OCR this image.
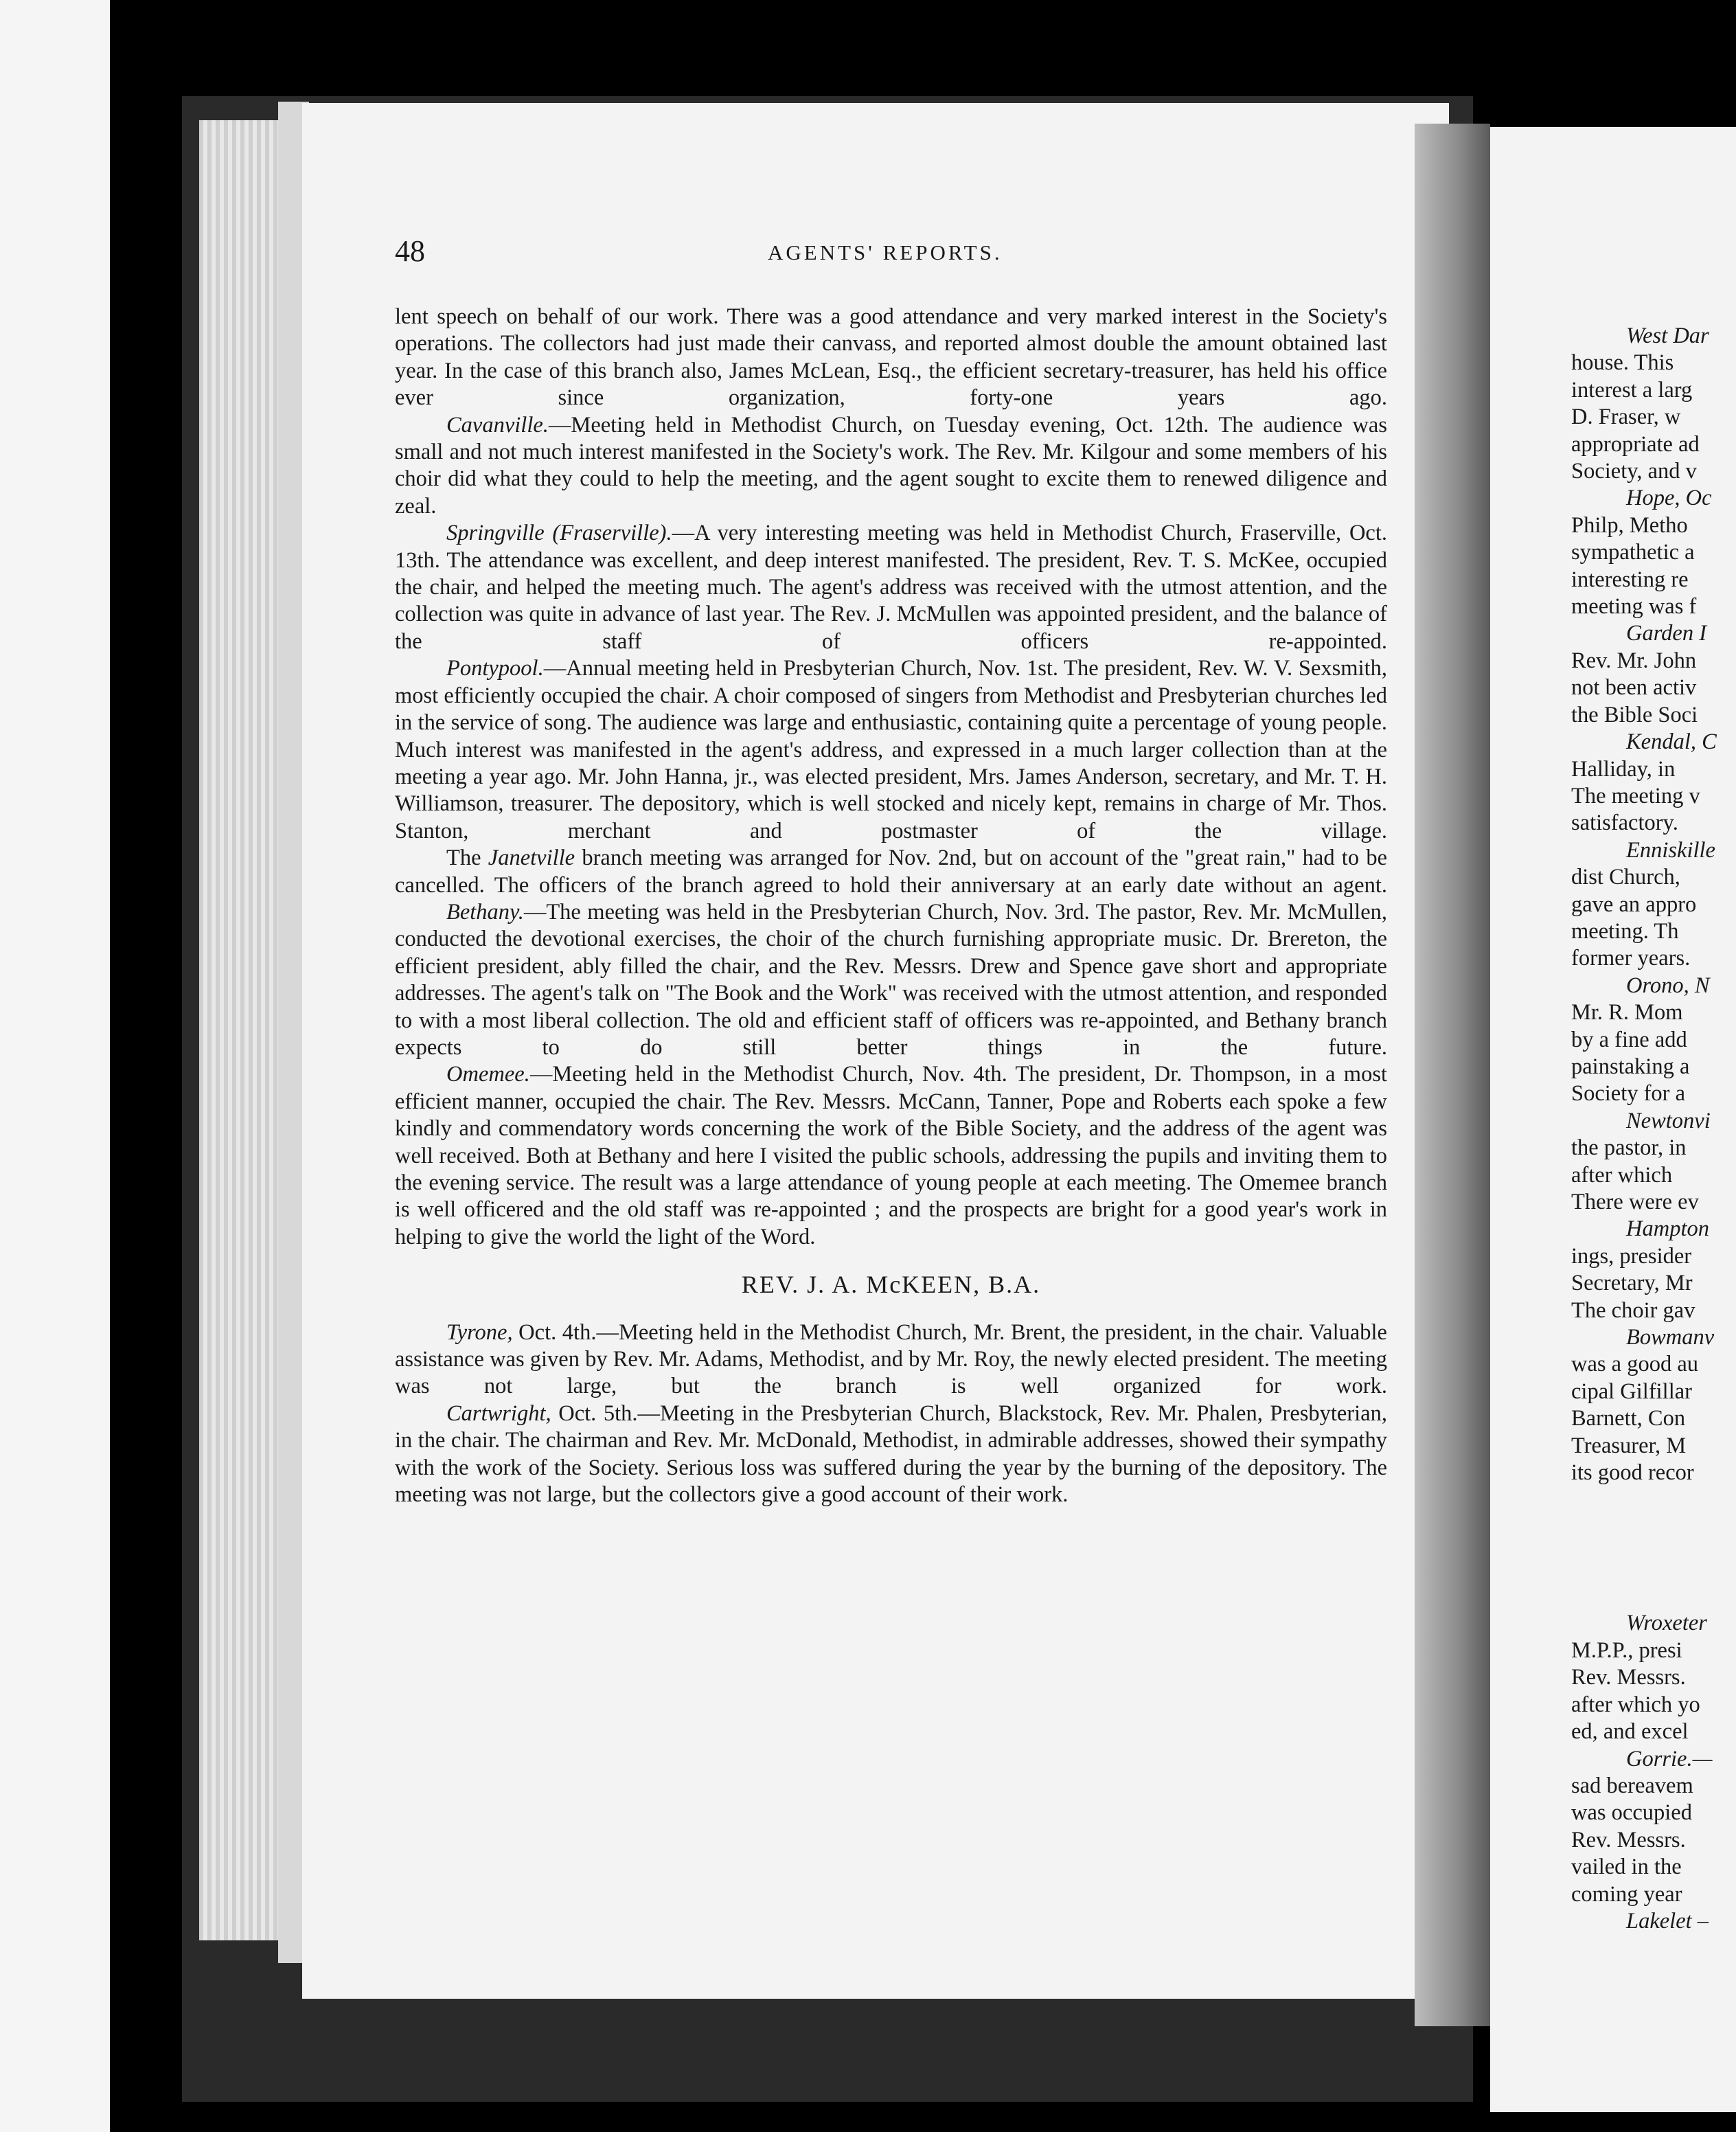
48	AGENTS' REPORTS.

lent speech on behalf of our work. There was a good attendance and very marked interest in the Society's operations. The collectors had just made their canvass, and reported almost double the amount obtained last year. In the case of this branch also, James McLean, Esq., the efficient secretary-treasurer, has held his office ever since organization, forty-one years ago.

Cavanville.—Meeting held in Methodist Church, on Tuesday evening, Oct. 12th. The audience was small and not much interest manifested in the Society's work. The Rev. Mr. Kilgour and some members of his choir did what they could to help the meeting, and the agent sought to excite them to renewed diligence and zeal.

Springville (Fraserville).—A very interesting meeting was held in Methodist Church, Fraserville, Oct. 13th. The attendance was excellent, and deep interest manifested. The president, Rev. T. S. McKee, occupied the chair, and helped the meeting much. The agent's address was received with the utmost attention, and the collection was quite in advance of last year. The Rev. J. McMullen was appointed president, and the balance of the staff of officers re-appointed.

Pontypool.—Annual meeting held in Presbyterian Church, Nov. 1st. The president, Rev. W. V. Sexsmith, most efficiently occupied the chair. A choir composed of singers from Methodist and Presbyterian churches led in the service of song. The audience was large and enthusiastic, containing quite a percentage of young people. Much interest was manifested in the agent's address, and expressed in a much larger collection than at the meeting a year ago. Mr. John Hanna, jr., was elected president, Mrs. James Anderson, secretary, and Mr. T. H. Williamson, treasurer. The depository, which is well stocked and nicely kept, remains in charge of Mr. Thos. Stanton, merchant and postmaster of the village.

The Janetville branch meeting was arranged for Nov. 2nd, but on account of the "great rain," had to be cancelled. The officers of the branch agreed to hold their anniversary at an early date without an agent.

Bethany.—The meeting was held in the Presbyterian Church, Nov. 3rd. The pastor, Rev. Mr. McMullen, conducted the devotional exercises, the choir of the church furnishing appropriate music. Dr. Brereton, the efficient president, ably filled the chair, and the Rev. Messrs. Drew and Spence gave short and appropriate addresses. The agent's talk on "The Book and the Work" was received with the utmost attention, and responded to with a most liberal collection. The old and efficient staff of officers was re-appointed, and Bethany branch expects to do still better things in the future.

Omemee.—Meeting held in the Methodist Church, Nov. 4th. The president, Dr. Thompson, in a most efficient manner, occupied the chair. The Rev. Messrs. McCann, Tanner, Pope and Roberts each spoke a few kindly and commendatory words concerning the work of the Bible Society, and the address of the agent was well received. Both at Bethany and here I visited the public schools, addressing the pupils and inviting them to the evening service. The result was a large attendance of young people at each meeting. The Omemee branch is well officered and the old staff was re-appointed ; and the prospects are bright for a good year's work in helping to give the world the light of the Word.

REV. J. A. McKEEN, B.A.

Tyrone, Oct. 4th.—Meeting held in the Methodist Church, Mr. Brent, the president, in the chair. Valuable assistance was given by Rev. Mr. Adams, Methodist, and by Mr. Roy, the newly elected president. The meeting was not large, but the branch is well organized for work.

Cartwright, Oct. 5th.—Meeting in the Presbyterian Church, Blackstock, Rev. Mr. Phalen, Presbyterian, in the chair. The chairman and Rev. Mr. McDonald, Methodist, in admirable addresses, showed their sympathy with the work of the Society. Serious loss was suffered during the year by the burning of the depository. The meeting was not large, but the collectors give a good account of their work.

West Dar
house. This
interest a larg
D. Fraser, w
appropriate ad
Society, and v
Hope, Oc
Philp, Metho
sympathetic a
interesting re
meeting was f
Garden I
Rev. Mr. John
not been activ
the Bible Soci
Kendal, C
Halliday, in
The meeting v
satisfactory.
Enniskille
dist Church,
gave an appro
meeting. Th
former years.
Orono, N
Mr. R. Mom
by a fine add
painstaking a
Society for a
Newtonvi
the pastor, in
after which
There were ev
Hampton
ings, presider
Secretary, Mr
The choir gav
Bowmanv
was a good au
cipal Gilfillar
Barnett, Con
Treasurer, M
its good recor
Wroxeter
M.P.P., presi
Rev. Messrs.
after which yo
ed, and excel
Gorrie.—
sad bereavem
was occupied
Rev. Messrs.
vailed in the
coming year
Lakelet –
